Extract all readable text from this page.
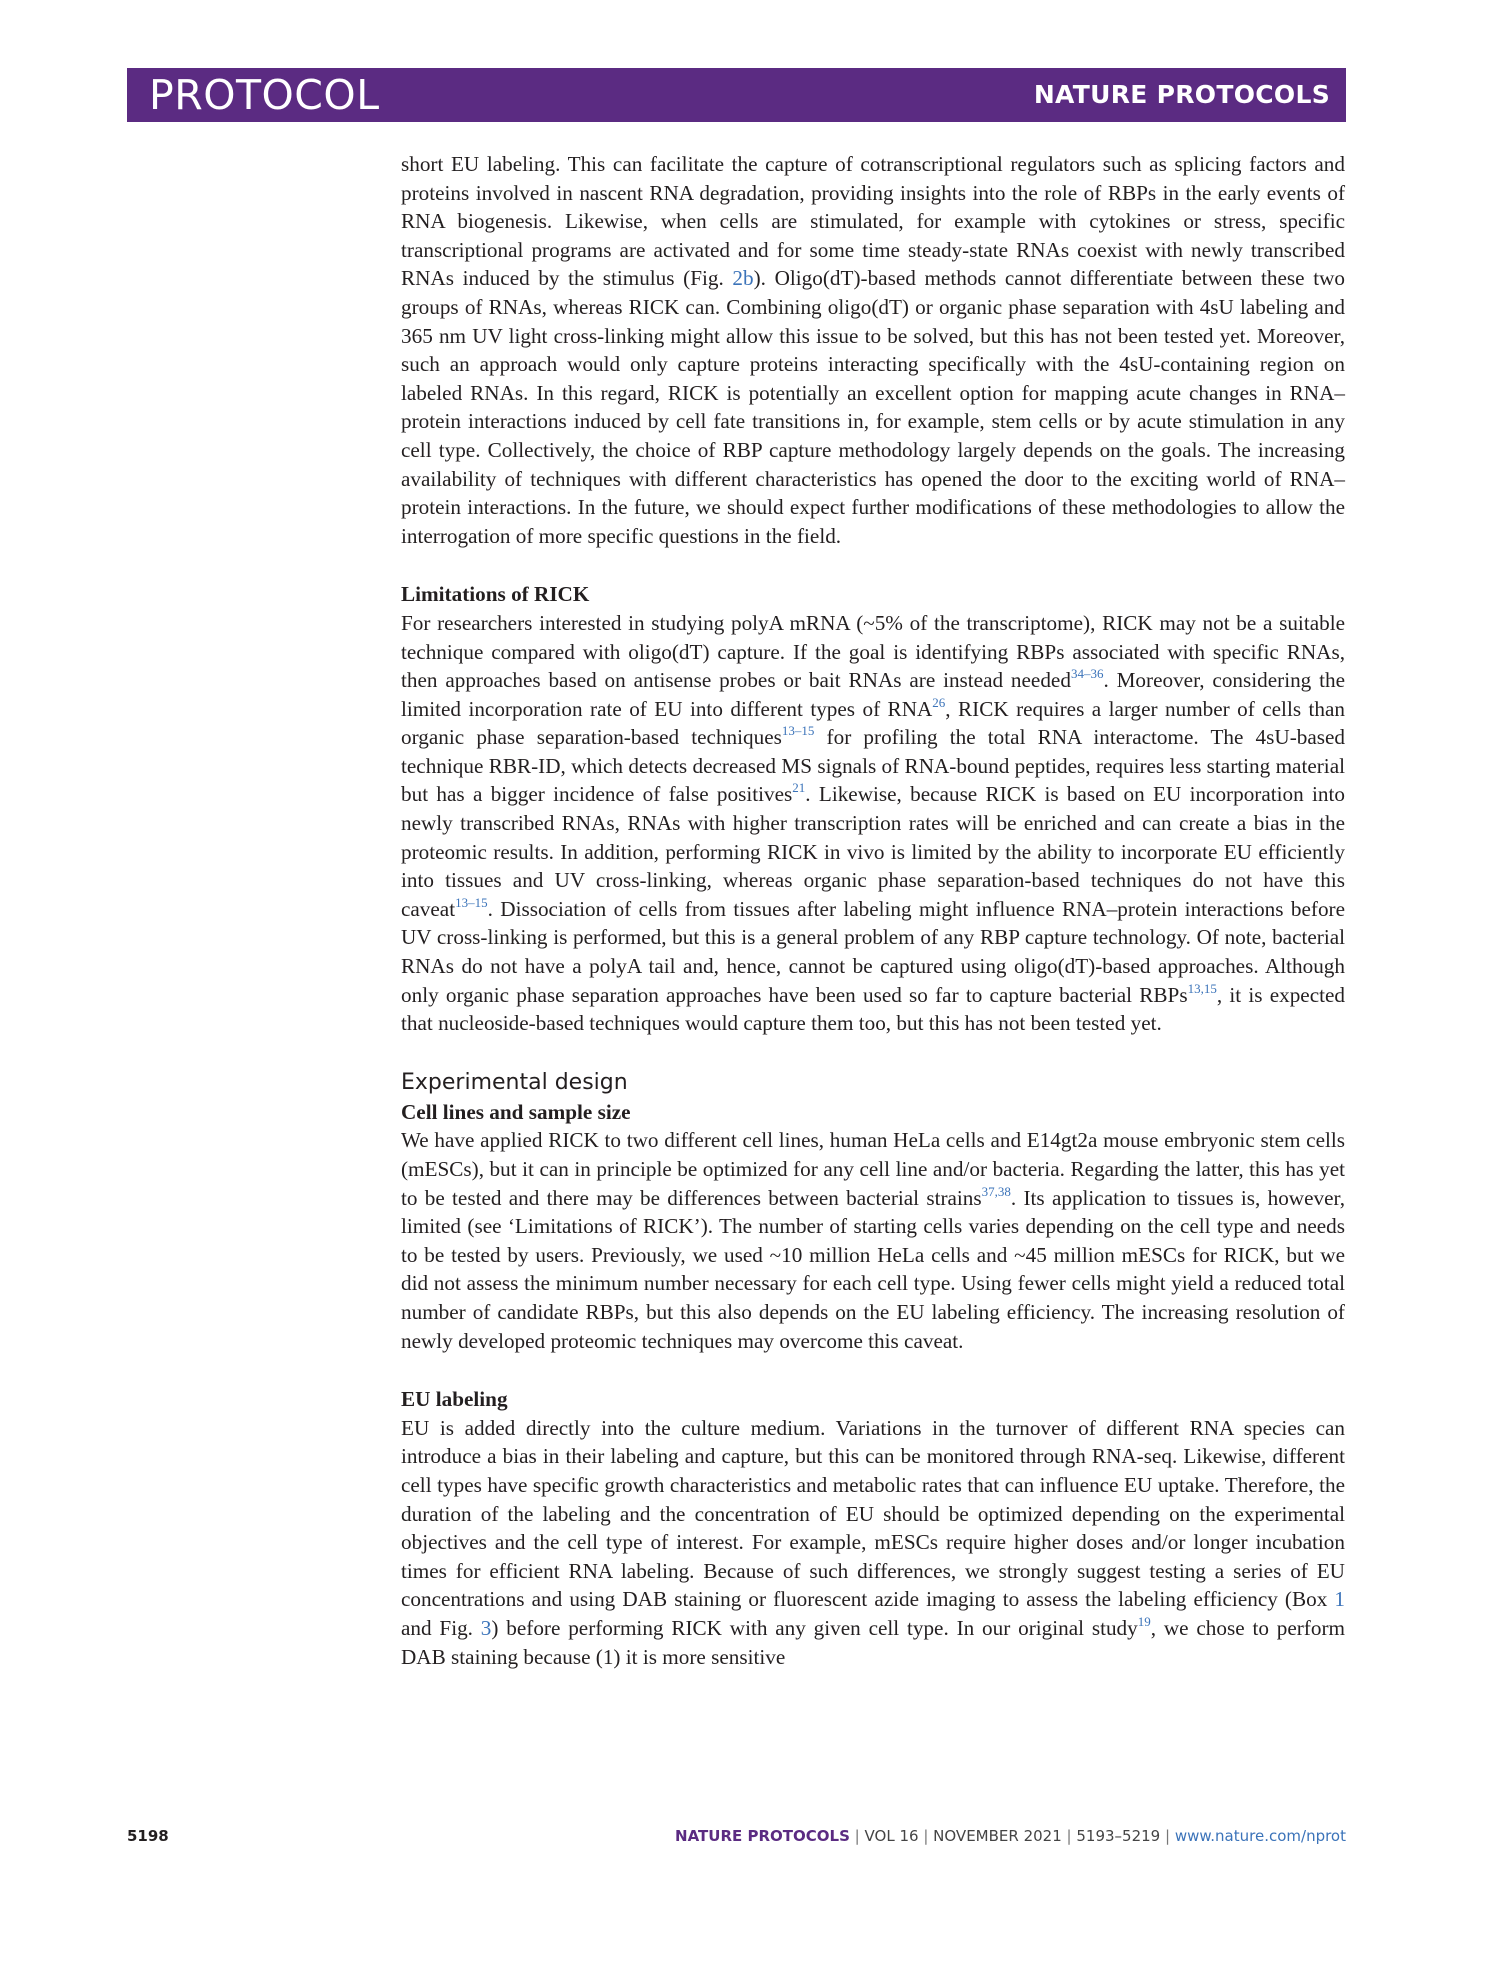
PROTOCOL	NATURE PROTOCOLS

short EU labeling. This can facilitate the capture of cotranscriptional regulators such as splicing factors and proteins involved in nascent RNA degradation, providing insights into the role of RBPs in the early events of RNA biogenesis. Likewise, when cells are stimulated, for example with cytokines or stress, specific transcriptional programs are activated and for some time steady-state RNAs coexist with newly transcribed RNAs induced by the stimulus (Fig. 2b). Oligo(dT)-based methods cannot differentiate between these two groups of RNAs, whereas RICK can. Combining oligo(dT) or organic phase separation with 4sU labeling and 365 nm UV light cross-linking might allow this issue to be solved, but this has not been tested yet. Moreover, such an approach would only capture proteins interacting specifically with the 4sU-containing region on labeled RNAs. In this regard, RICK is potentially an excellent option for mapping acute changes in RNA–protein interactions induced by cell fate transitions in, for example, stem cells or by acute stimulation in any cell type. Collectively, the choice of RBP capture methodology largely depends on the goals. The increasing availability of techniques with different characteristics has opened the door to the exciting world of RNA–protein interactions. In the future, we should expect further modifications of these methodologies to allow the interrogation of more specific questions in the field.

Limitations of RICK

For researchers interested in studying polyA mRNA (~5% of the transcriptome), RICK may not be a suitable technique compared with oligo(dT) capture. If the goal is identifying RBPs associated with specific RNAs, then approaches based on antisense probes or bait RNAs are instead needed$^{34-36}$. Moreover, considering the limited incorporation rate of EU into different types of RNA$^{26}$, RICK requires a larger number of cells than organic phase separation-based techniques$^{13-15}$ for profiling the total RNA interactome. The 4sU-based technique RBR-ID, which detects decreased MS signals of RNA-bound peptides, requires less starting material but has a bigger incidence of false positives$^{21}$. Likewise, because RICK is based on EU incorporation into newly transcribed RNAs, RNAs with higher transcription rates will be enriched and can create a bias in the proteomic results. In addition, performing RICK in vivo is limited by the ability to incorporate EU efficiently into tissues and UV cross-linking, whereas organic phase separation-based techniques do not have this caveat$^{13-15}$. Dissociation of cells from tissues after labeling might influence RNA–protein interactions before UV cross-linking is performed, but this is a general problem of any RBP capture technology. Of note, bacterial RNAs do not have a polyA tail and, hence, cannot be captured using oligo(dT)-based approaches. Although only organic phase separation approaches have been used so far to capture bacterial RBPs$^{13,15}$, it is expected that nucleoside-based techniques would capture them too, but this has not been tested yet.

Experimental design
Cell lines and sample size

We have applied RICK to two different cell lines, human HeLa cells and E14gt2a mouse embryonic stem cells (mESCs), but it can in principle be optimized for any cell line and/or bacteria. Regarding the latter, this has yet to be tested and there may be differences between bacterial strains$^{37,38}$. Its application to tissues is, however, limited (see ‘Limitations of RICK’). The number of starting cells varies depending on the cell type and needs to be tested by users. Previously, we used ~10 million HeLa cells and ~45 million mESCs for RICK, but we did not assess the minimum number necessary for each cell type. Using fewer cells might yield a reduced total number of candidate RBPs, but this also depends on the EU labeling efficiency. The increasing resolution of newly developed proteomic techniques may overcome this caveat.

EU labeling

EU is added directly into the culture medium. Variations in the turnover of different RNA species can introduce a bias in their labeling and capture, but this can be monitored through RNA-seq. Likewise, different cell types have specific growth characteristics and metabolic rates that can influence EU uptake. Therefore, the duration of the labeling and the concentration of EU should be optimized depending on the experimental objectives and the cell type of interest. For example, mESCs require higher doses and/or longer incubation times for efficient RNA labeling. Because of such differences, we strongly suggest testing a series of EU concentrations and using DAB staining or fluorescent azide imaging to assess the labeling efficiency (Box 1 and Fig. 3) before performing RICK with any given cell type. In our original study$^{19}$, we chose to perform DAB staining because (1) it is more sensitive

5198	NATURE PROTOCOLS | VOL 16 | NOVEMBER 2021 | 5193–5219 | www.nature.com/nprot
